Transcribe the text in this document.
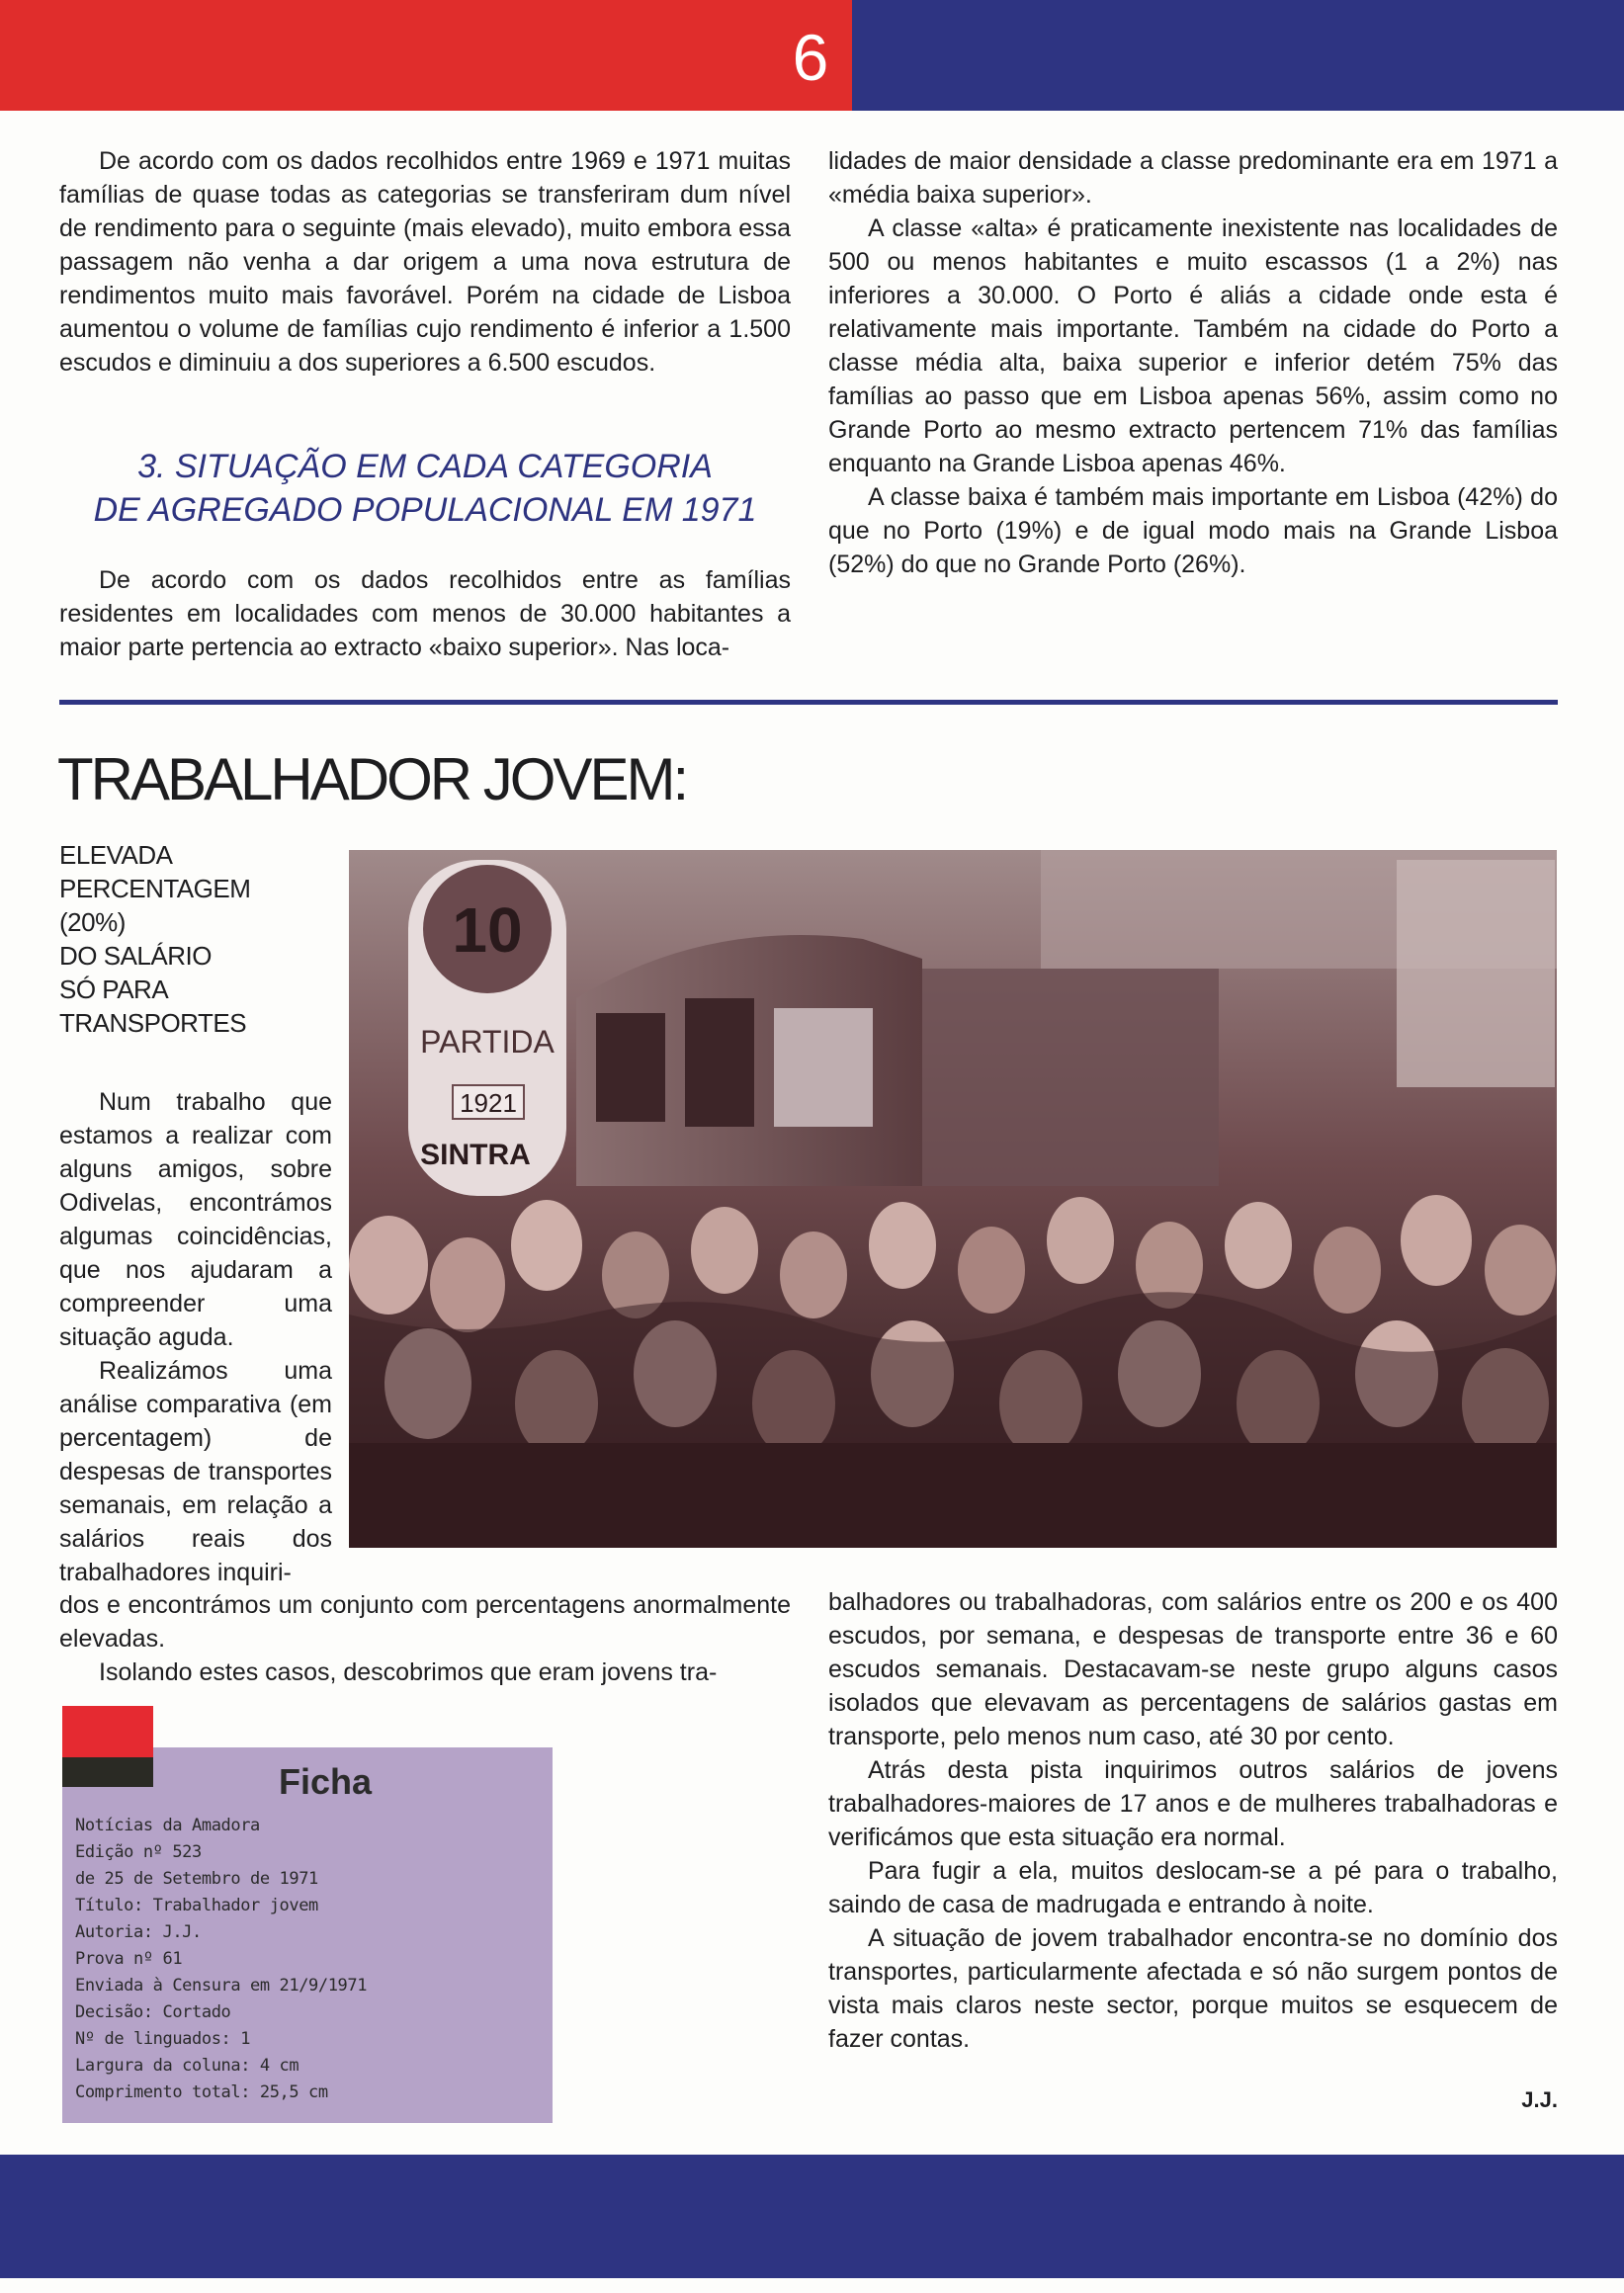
6

De acordo com os dados recolhidos entre 1969 e 1971 muitas famílias de quase todas as categorias se transferiram dum nível de rendimento para o seguinte (mais elevado), muito embora essa passagem não venha a dar origem a uma nova estrutura de rendimentos muito mais favorável. Porém na cidade de Lisboa aumentou o volume de famílias cujo rendimento é inferior a 1.500 escudos e diminuiu a dos superiores a 6.500 escudos.

3. SITUAÇÃO EM CADA CATEGORIA
DE AGREGADO POPULACIONAL EM 1971

De acordo com os dados recolhidos entre as famílias residentes em localidades com menos de 30.000 habitantes a maior parte pertencia ao extracto «baixo superior». Nas loca-

lidades de maior densidade a classe predominante era em 1971 a «média baixa superior».

A classe «alta» é praticamente inexistente nas localidades de 500 ou menos habitantes e muito escassos (1 a 2%) nas inferiores a 30.000. O Porto é aliás a cidade onde esta é relativamente mais importante. Também na cidade do Porto a classe média alta, baixa superior e inferior detém 75% das famílias ao passo que em Lisboa apenas 56%, assim como no Grande Porto ao mesmo extracto pertencem 71% das famílias enquanto na Grande Lisboa apenas 46%.

A classe baixa é também mais importante em Lisboa (42%) do que no Porto (19%) e de igual modo mais na Grande Lisboa (52%) do que no Grande Porto (26%).

TRABALHADOR JOVEM:
ELEVADA
PERCENTAGEM
(20%)
DO SALÁRIO
SÓ PARA
TRANSPORTES
10
PARTIDA
1921
SINTRA

Num trabalho que estamos a realizar com alguns amigos, sobre Odivelas, encontrámos algumas coincidências, que nos ajudaram a compreender uma situação aguda.

Realizámos uma análise comparativa (em percentagem) de despesas de transportes semanais, em relação a salários reais dos trabalhadores inquiri-

dos e encontrámos um conjunto com percentagens anormalmente elevadas.

Isolando estes casos, descobrimos que eram jovens tra-

balhadores ou trabalhadoras, com salários entre os 200 e os 400 escudos, por semana, e despesas de transporte entre 36 e 60 escudos semanais. Destacavam-se neste grupo alguns casos isolados que elevavam as percentagens de salários gastas em transporte, pelo menos num caso, até 30 por cento.

Atrás desta pista inquirimos outros salários de jovens trabalhadores-maiores de 17 anos e de mulheres trabalhadoras e verificámos que esta situação era normal.

Para fugir a ela, muitos deslocam-se a pé para o trabalho, saindo de casa de madrugada e entrando à noite.

A situação de jovem trabalhador encontra-se no domínio dos transportes, particularmente afectada e só não surgem pontos de vista mais claros neste sector, porque muitos se esquecem de fazer contas.

J.J.
Ficha
Notícias da Amadora
Edição nº 523
de 25 de Setembro de 1971
Título: Trabalhador jovem
Autoria: J.J.
Prova nº 61
Enviada à Censura em 21/9/1971
Decisão: Cortado
Nº de linguados: 1
Largura da coluna: 4 cm
Comprimento total: 25,5 cm
